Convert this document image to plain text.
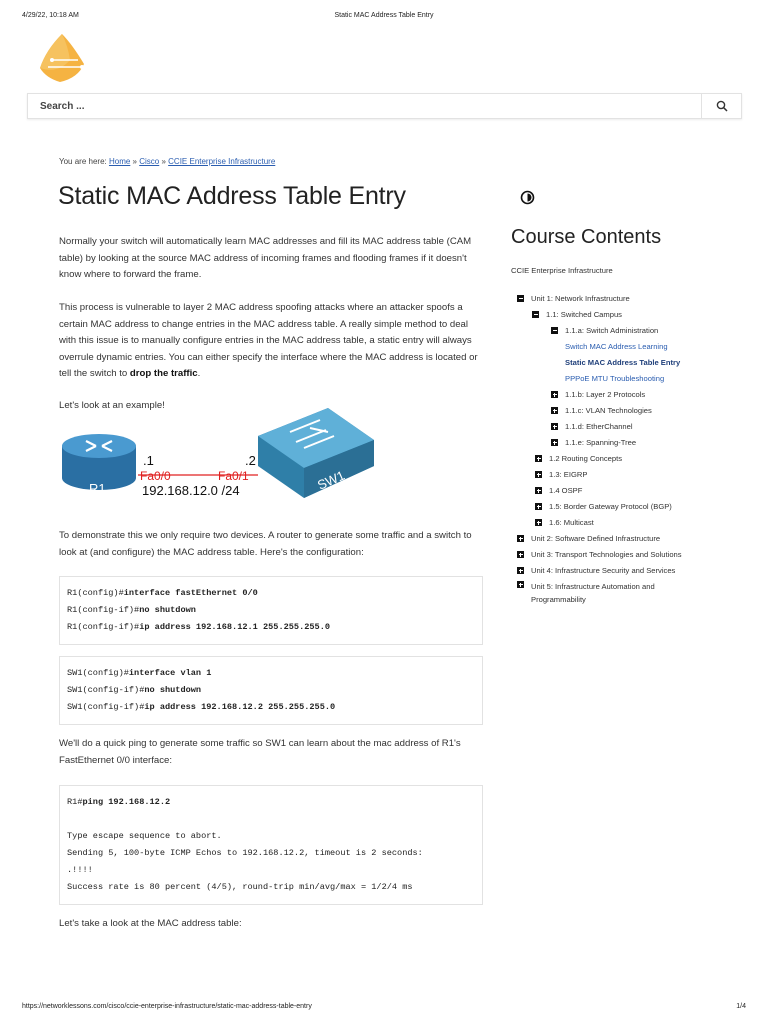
4/29/22, 10:18 AM	Static MAC Address Table Entry
Search ...
You are here: Home » Cisco » CCIE Enterprise Infrastructure
Static MAC Address Table Entry

Normally your switch will automatically learn MAC addresses and fill its MAC address table (CAM table) by looking at the source MAC address of incoming frames and flooding frames if it doesn't know where to forward the frame.

This process is vulnerable to layer 2 MAC address spoofing attacks where an attacker spoofs a certain MAC address to change entries in the MAC address table. A really simple method to deal with this issue is to manually configure entries in the MAC address table, a static entry will always overrule dynamic entries. You can either specify the interface where the MAC address is located or tell the switch to drop the traffic.

Let's look at an example!

R1
.1	.2
Fa0/0	Fa0/1
192.168.12.0 /24	SW1

To demonstrate this we only require two devices. A router to generate some traffic and a switch to look at (and configure) the MAC address table. Here's the configuration:

R1(config)#interface fastEthernet 0/0
R1(config-if)#no shutdown
R1(config-if)#ip address 192.168.12.1 255.255.255.0
SW1(config)#interface vlan 1
SW1(config-if)#no shutdown
SW1(config-if)#ip address 192.168.12.2 255.255.255.0

We'll do a quick ping to generate some traffic so SW1 can learn about the mac address of R1's FastEthernet 0/0 interface:

R1#ping 192.168.12.2
Type escape sequence to abort.
Sending 5, 100-byte ICMP Echos to 192.168.12.2, timeout is 2 seconds:
.!!!!
Success rate is 80 percent (4/5), round-trip min/avg/max = 1/2/4 ms

Let's take a look at the MAC address table:

Course Contents
CCIE Enterprise Infrastructure
Unit 1: Network Infrastructure
1.1: Switched Campus
1.1.a: Switch Administration
Switch MAC Address Learning
Static MAC Address Table Entry
PPPoE MTU Troubleshooting
1.1.b: Layer 2 Protocols
1.1.c: VLAN Technologies
1.1.d: EtherChannel
1.1.e: Spanning-Tree
1.2 Routing Concepts
1.3: EIGRP
1.4 OSPF
1.5: Border Gateway Protocol (BGP)
1.6: Multicast
Unit 2: Software Defined Infrastructure
Unit 3: Transport Technologies and Solutions
Unit 4: Infrastructure Security and Services
Unit 5: Infrastructure Automation and
Programmability
https://networklessons.com/cisco/ccie-enterprise-infrastructure/static-mac-address-table-entry	1/4
